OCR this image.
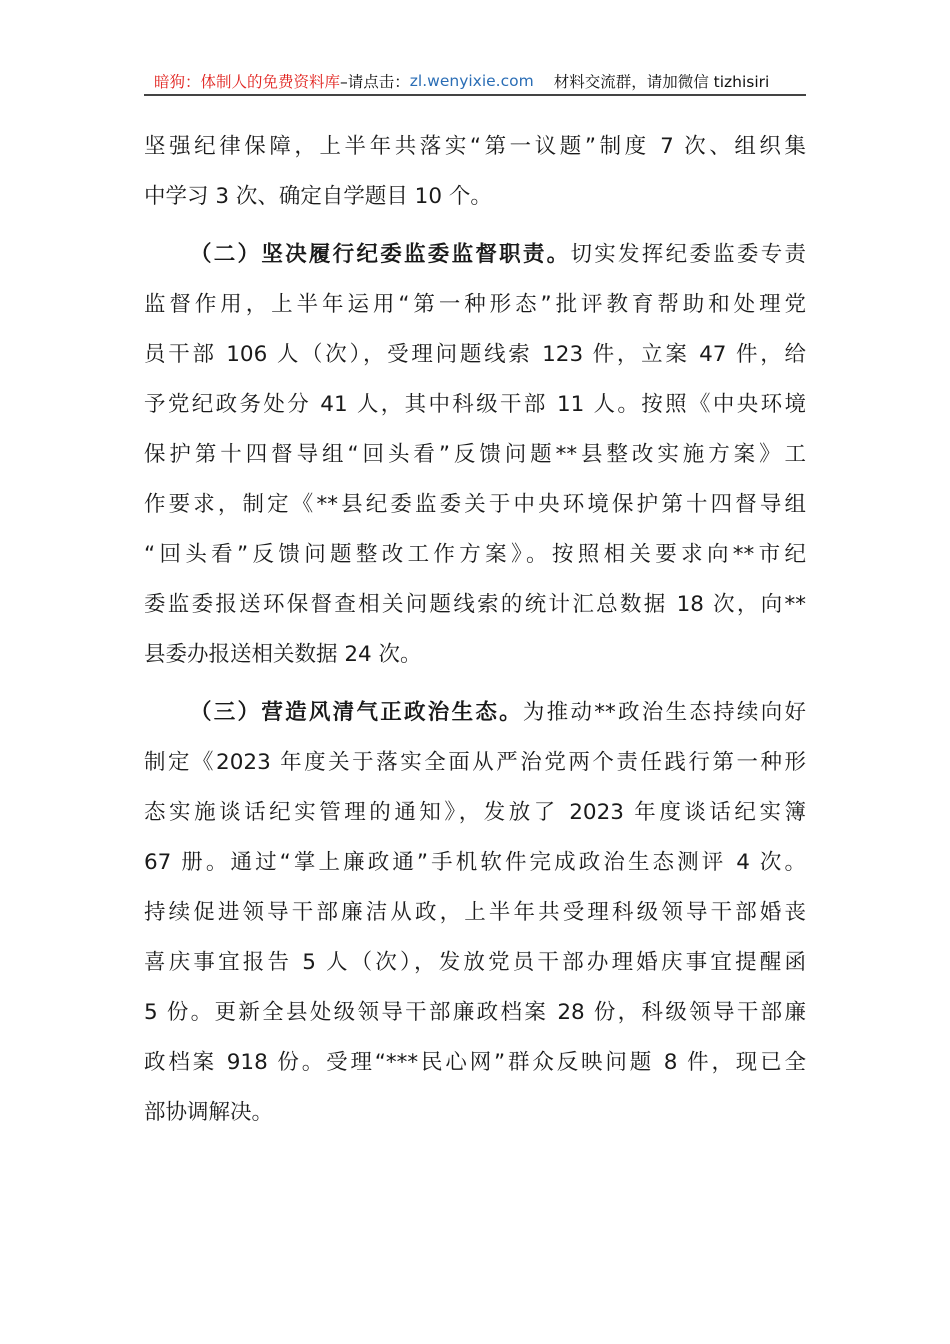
暗狗：体制人的免费资料库 –请点击： zl.wenyixie.com 材料交流群，请加微信 tizhisiri
坚强纪律保障，上半年共落实“第一议题”制度 7 次、组织集
中学习 3 次、确定自学题目 10 个。
（二）坚决履行纪委监委监督职责。切实发挥纪委监委专责
监督作用，上半年运用“第一种形态”批评教育帮助和处理党
员干部 106 人（次），受理问题线索 123 件，立案 47 件，给
予党纪政务处分 41 人，其中科级干部 11 人。按照《中央环境
保护第十四督导组“回头看”反馈问题**县整改实施方案》工
作要求，制定《**县纪委监委关于中央环境保护第十四督导组
“回头看”反馈问题整改工作方案》。按照相关要求向**市纪
委监委报送环保督查相关问题线索的统计汇总数据 18 次，向**
县委办报送相关数据 24 次。
（三）营造风清气正政治生态。为推动**政治生态持续向好
制定《2023 年度关于落实全面从严治党两个责任践行第一种形
态实施谈话纪实管理的通知》，发放了 2023 年度谈话纪实簿
67 册。通过“掌上廉政通”手机软件完成政治生态测评 4 次。
持续促进领导干部廉洁从政，上半年共受理科级领导干部婚丧
喜庆事宜报告 5 人（次），发放党员干部办理婚庆事宜提醒函
5 份。更新全县处级领导干部廉政档案 28 份，科级领导干部廉
政档案 918 份。受理“***民心网”群众反映问题 8 件，现已全
部协调解决。
